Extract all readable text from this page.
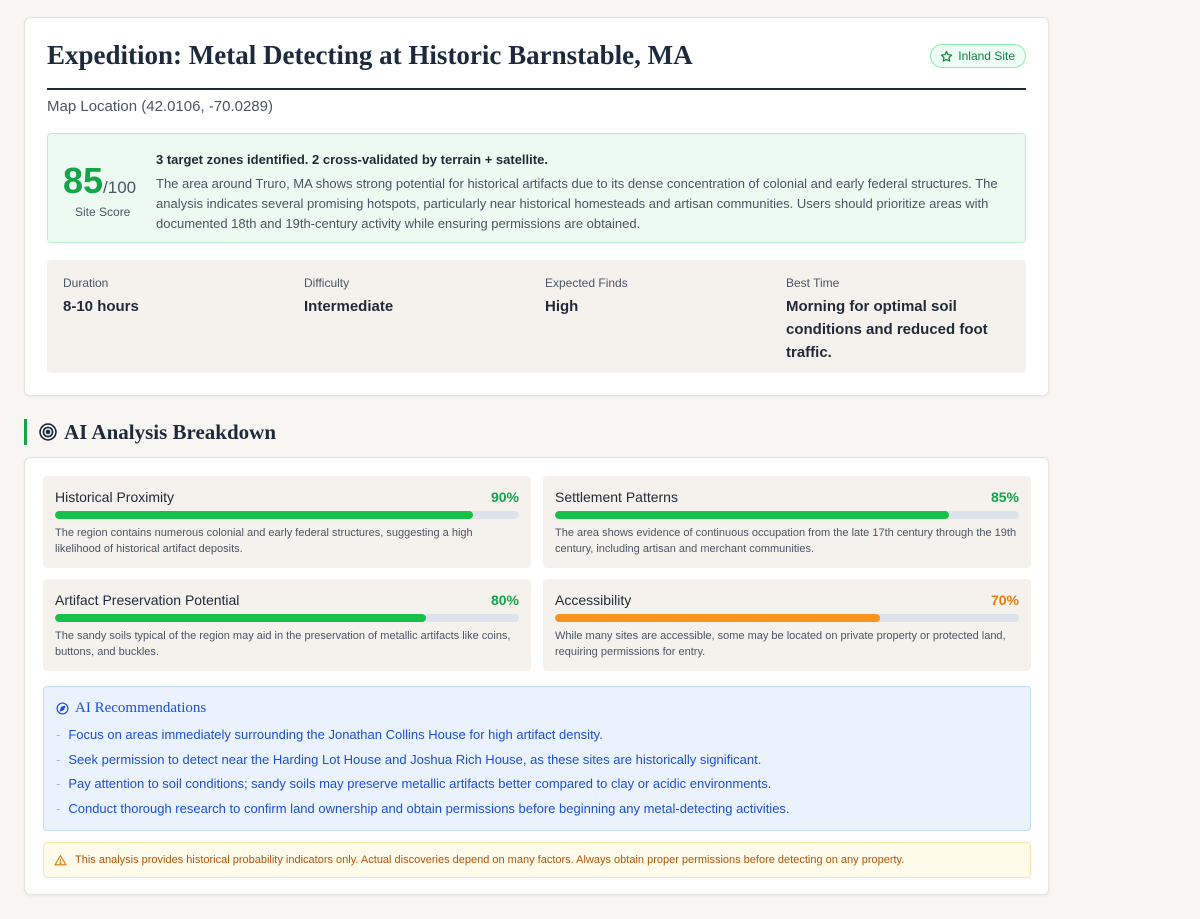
Expedition: Metal Detecting at Historic Barnstable, MA	Inland Site
Map Location (42.0106, -70.0289)
85/100
Site Score
3 target zones identified. 2 cross-validated by terrain + satellite.
The area around Truro, MA shows strong potential for historical artifacts due to its dense concentration of colonial and early federal structures. The analysis indicates several promising hotspots, particularly near historical homesteads and artisan communities. Users should prioritize areas with documented 18th and 19th-century activity while ensuring permissions are obtained.
Duration
8-10 hours
Difficulty
Intermediate
Expected Finds
High
Best Time
Morning for optimal soil conditions and reduced foot traffic.
AI Analysis Breakdown
Historical Proximity	90%
The region contains numerous colonial and early federal structures, suggesting a high likelihood of historical artifact deposits.
Settlement Patterns	85%
The area shows evidence of continuous occupation from the late 17th century through the 19th century, including artisan and merchant communities.
Artifact Preservation Potential	80%
The sandy soils typical of the region may aid in the preservation of metallic artifacts like coins, buttons, and buckles.
Accessibility	70%
While many sites are accessible, some may be located on private property or protected land, requiring permissions for entry.
AI Recommendations
- Focus on areas immediately surrounding the Jonathan Collins House for high artifact density.
- Seek permission to detect near the Harding Lot House and Joshua Rich House, as these sites are historically significant.
- Pay attention to soil conditions; sandy soils may preserve metallic artifacts better compared to clay or acidic environments.
- Conduct thorough research to confirm land ownership and obtain permissions before beginning any metal-detecting activities.
This analysis provides historical probability indicators only. Actual discoveries depend on many factors. Always obtain proper permissions before detecting on any property.
